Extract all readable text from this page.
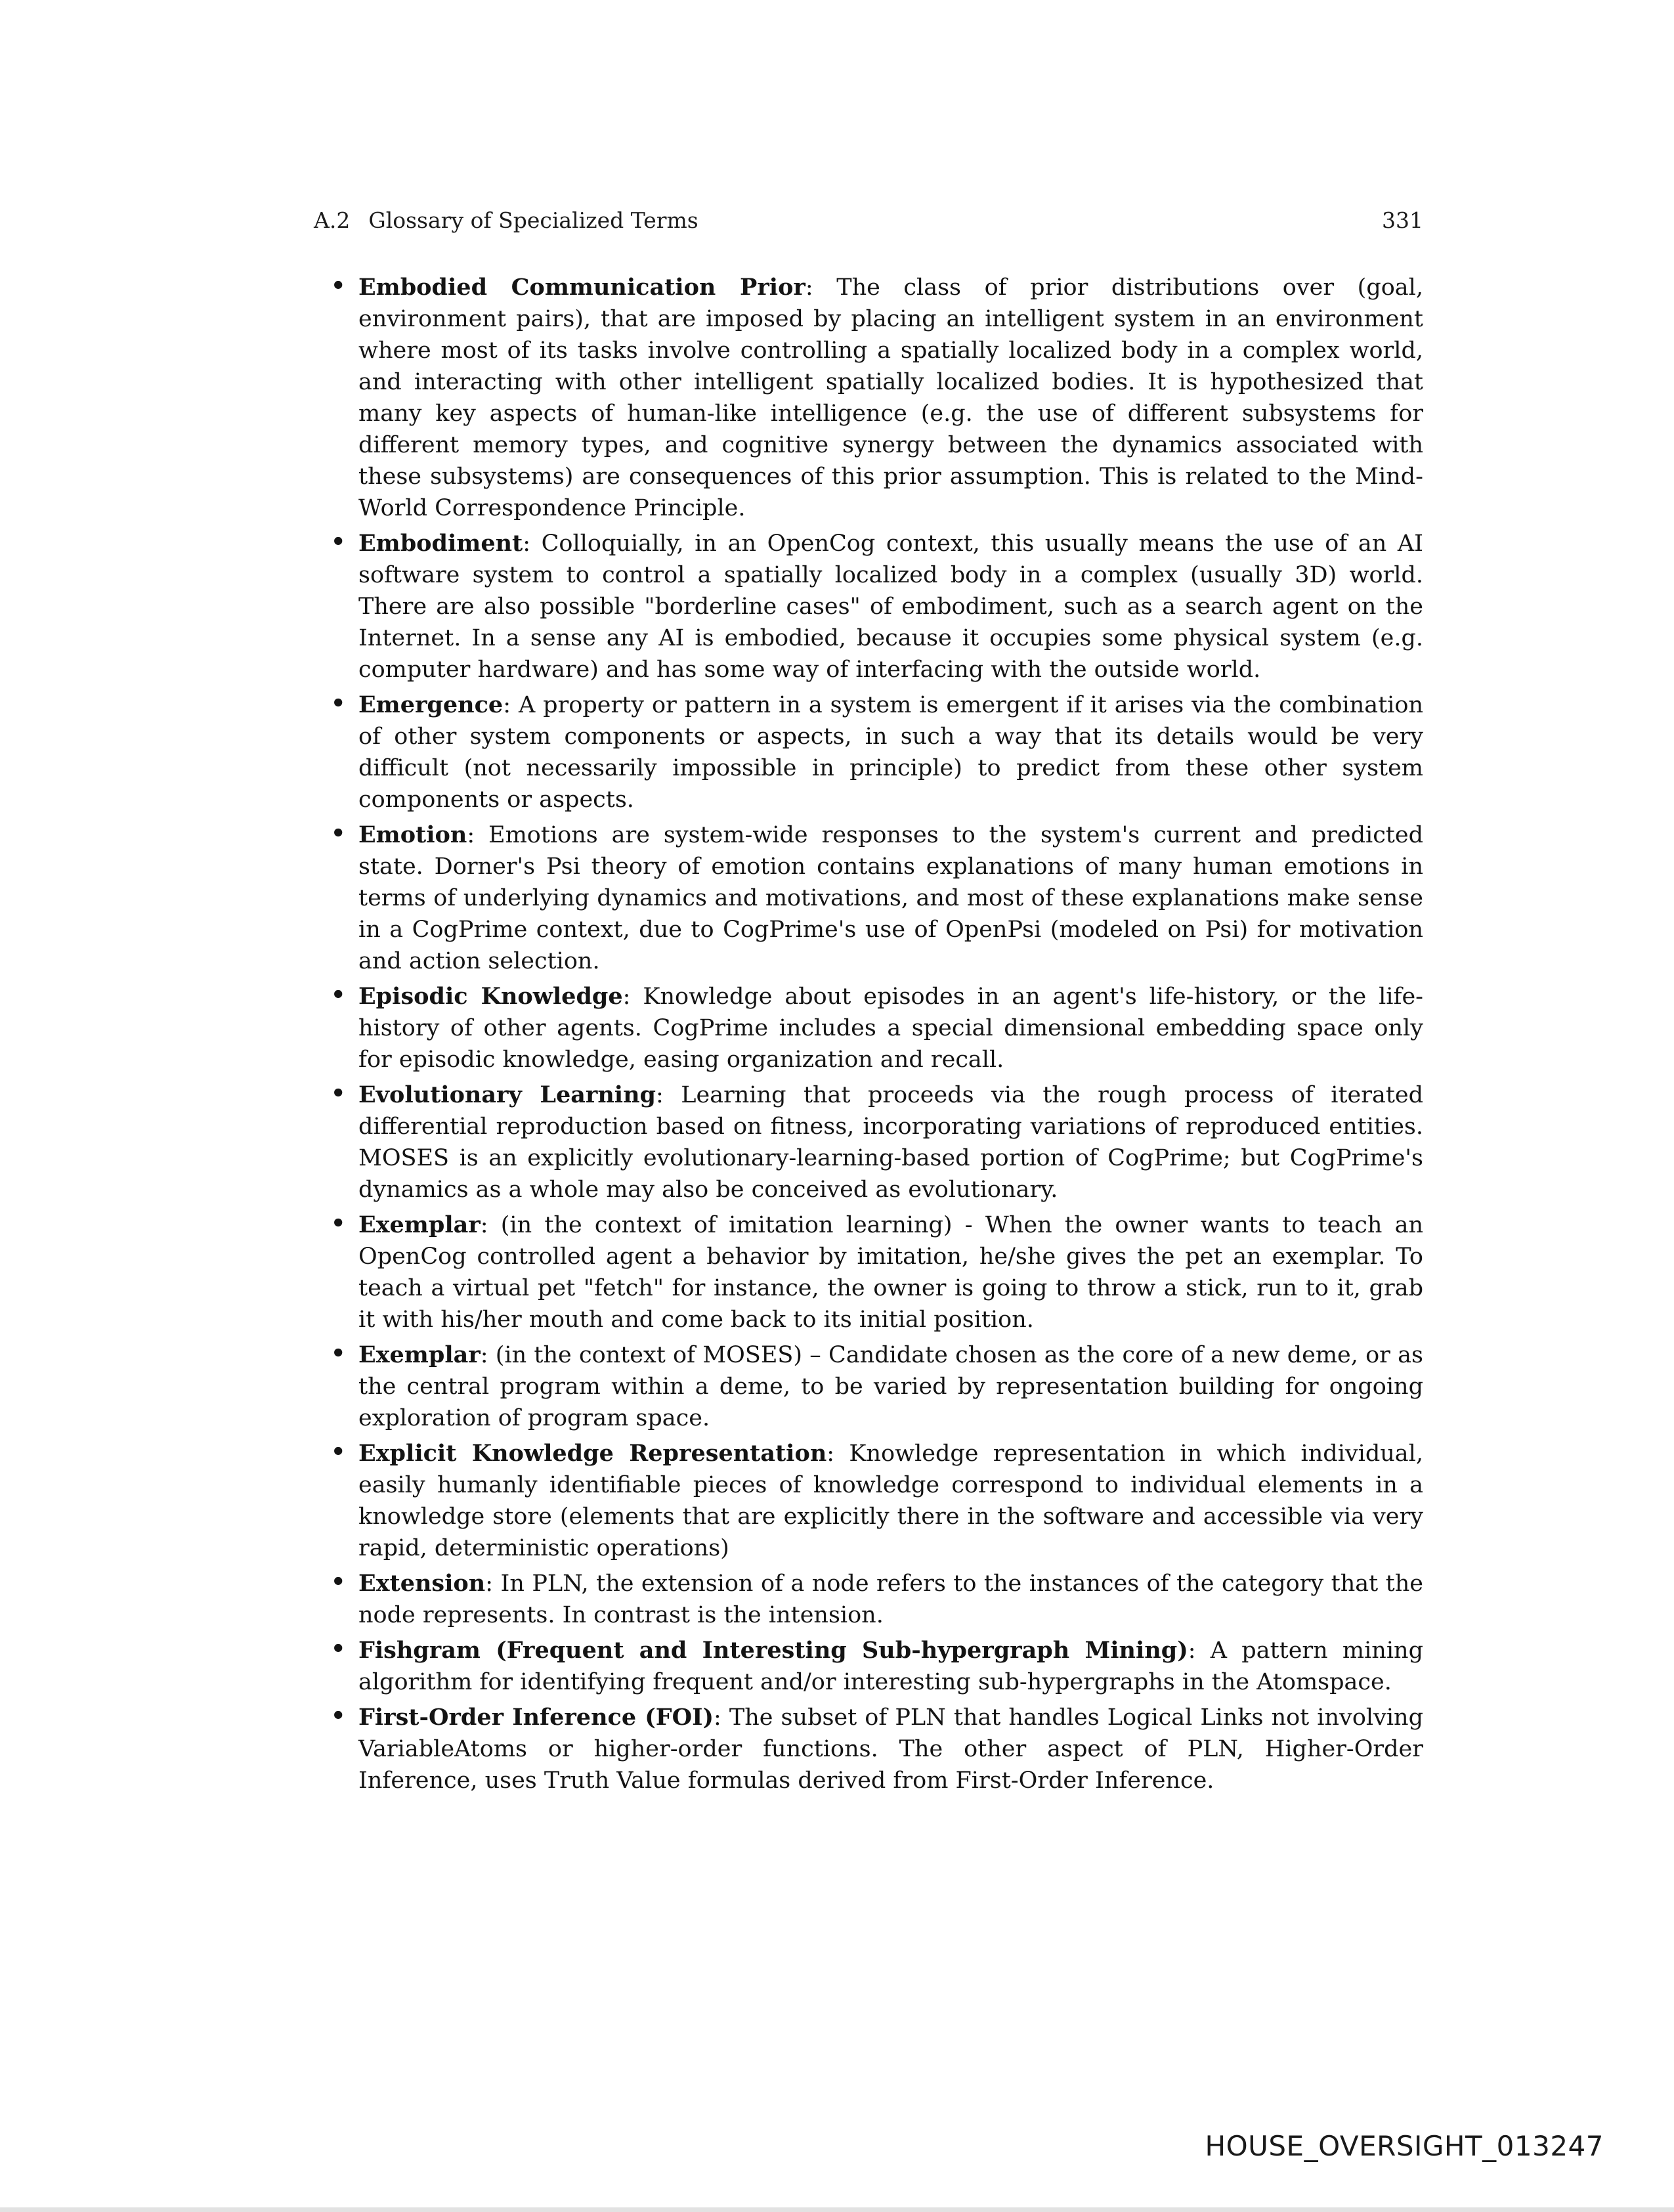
A.2 Glossary of Specialized Terms	331
• Embodied Communication Prior: The class of prior distributions over (goal, environment pairs), that are imposed by placing an intelligent system in an environment where most of its tasks involve controlling a spatially localized body in a complex world, and interacting with other intelligent spatially localized bodies. It is hypothesized that many key aspects of human-like intelligence (e.g. the use of different subsystems for different memory types, and cognitive synergy between the dynamics associated with these subsystems) are consequences of this prior assumption. This is related to the Mind-World Correspondence Principle.
• Embodiment: Colloquially, in an OpenCog context, this usually means the use of an AI software system to control a spatially localized body in a complex (usually 3D) world. There are also possible "borderline cases" of embodiment, such as a search agent on the Internet. In a sense any AI is embodied, because it occupies some physical system (e.g. computer hardware) and has some way of interfacing with the outside world.
• Emergence: A property or pattern in a system is emergent if it arises via the combination of other system components or aspects, in such a way that its details would be very difficult (not necessarily impossible in principle) to predict from these other system components or aspects.
• Emotion: Emotions are system-wide responses to the system's current and predicted state. Dorner's Psi theory of emotion contains explanations of many human emotions in terms of underlying dynamics and motivations, and most of these explanations make sense in a CogPrime context, due to CogPrime's use of OpenPsi (modeled on Psi) for motivation and action selection.
• Episodic Knowledge: Knowledge about episodes in an agent's life-history, or the life-history of other agents. CogPrime includes a special dimensional embedding space only for episodic knowledge, easing organization and recall.
• Evolutionary Learning: Learning that proceeds via the rough process of iterated differential reproduction based on fitness, incorporating variations of reproduced entities. MOSES is an explicitly evolutionary-learning-based portion of CogPrime; but CogPrime's dynamics as a whole may also be conceived as evolutionary.
• Exemplar: (in the context of imitation learning) - When the owner wants to teach an OpenCog controlled agent a behavior by imitation, he/she gives the pet an exemplar. To teach a virtual pet "fetch" for instance, the owner is going to throw a stick, run to it, grab it with his/her mouth and come back to its initial position.
• Exemplar: (in the context of MOSES) – Candidate chosen as the core of a new deme, or as the central program within a deme, to be varied by representation building for ongoing exploration of program space.
• Explicit Knowledge Representation: Knowledge representation in which individual, easily humanly identifiable pieces of knowledge correspond to individual elements in a knowledge store (elements that are explicitly there in the software and accessible via very rapid, deterministic operations)
• Extension: In PLN, the extension of a node refers to the instances of the category that the node represents. In contrast is the intension.
• Fishgram (Frequent and Interesting Sub-hypergraph Mining): A pattern mining algorithm for identifying frequent and/or interesting sub-hypergraphs in the Atomspace.
• First-Order Inference (FOI): The subset of PLN that handles Logical Links not involving VariableAtoms or higher-order functions. The other aspect of PLN, Higher-Order Inference, uses Truth Value formulas derived from First-Order Inference.
HOUSE_OVERSIGHT_013247
